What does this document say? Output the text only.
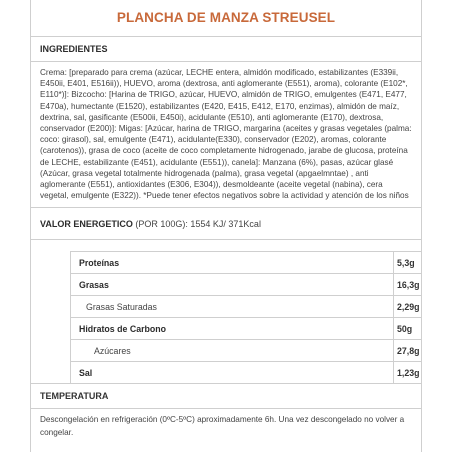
PLANCHA DE MANZA STREUSEL
INGREDIENTES
Crema: [preparado para crema (azúcar, LECHE entera, almidón modificado, estabilizantes (E339ii, E450ii, E401, E516ii)), HUEVO, aroma (dextrosa, anti aglomerante (E551), aroma), colorante (E102*, E110*)]: Bizcocho: [Harina de TRIGO, azúcar, HUEVO, almidón de TRIGO, emulgentes (E471, E477, E470a), humectante (E1520), estabilizantes (E420, E415, E412, E170, enzimas), almidón de maíz, dextrina, sal, gasificante (E500ii, E450i), acidulante (E510), anti aglomerante (E170), dextrosa, conservador (E200)]: Migas: [Azúcar, harina de TRIGO, margarina (aceites y grasas vegetales (palma: coco: girasol), sal, emulgente (E471), acidulante(E330), conservador (E202), aromas, colorante (carotenos)), grasa de coco (aceite de coco completamente hidrogenado, jarabe de glucosa, proteína de LECHE, estabilizante (E451), acidulante (E551)), canela]: Manzana (6%), pasas, azúcar glasé (Azúcar, grasa vegetal totalmente hidrogenada (palma), grasa vegetal (apgaelmntae) , anti aglomerante (E551), antioxidantes (E306, E304)), desmoldeante (aceite vegetal (nabina), cera vegetal, emulgente (E322)). *Puede tener efectos negativos sobre la actividad y atención de los niños
VALOR ENERGETICO (POR 100G): 1554 KJ/ 371Kcal
Proteínas	5,3g
Grasas	16,3g
Grasas Saturadas	2,29g
Hidratos de Carbono	50g
Azúcares	27,8g
Sal	1,23g
TEMPERATURA
Descongelación en refrigeración (0ºC-5ºC) aproximadamente 6h. Una vez descongelado no volver a congelar.
